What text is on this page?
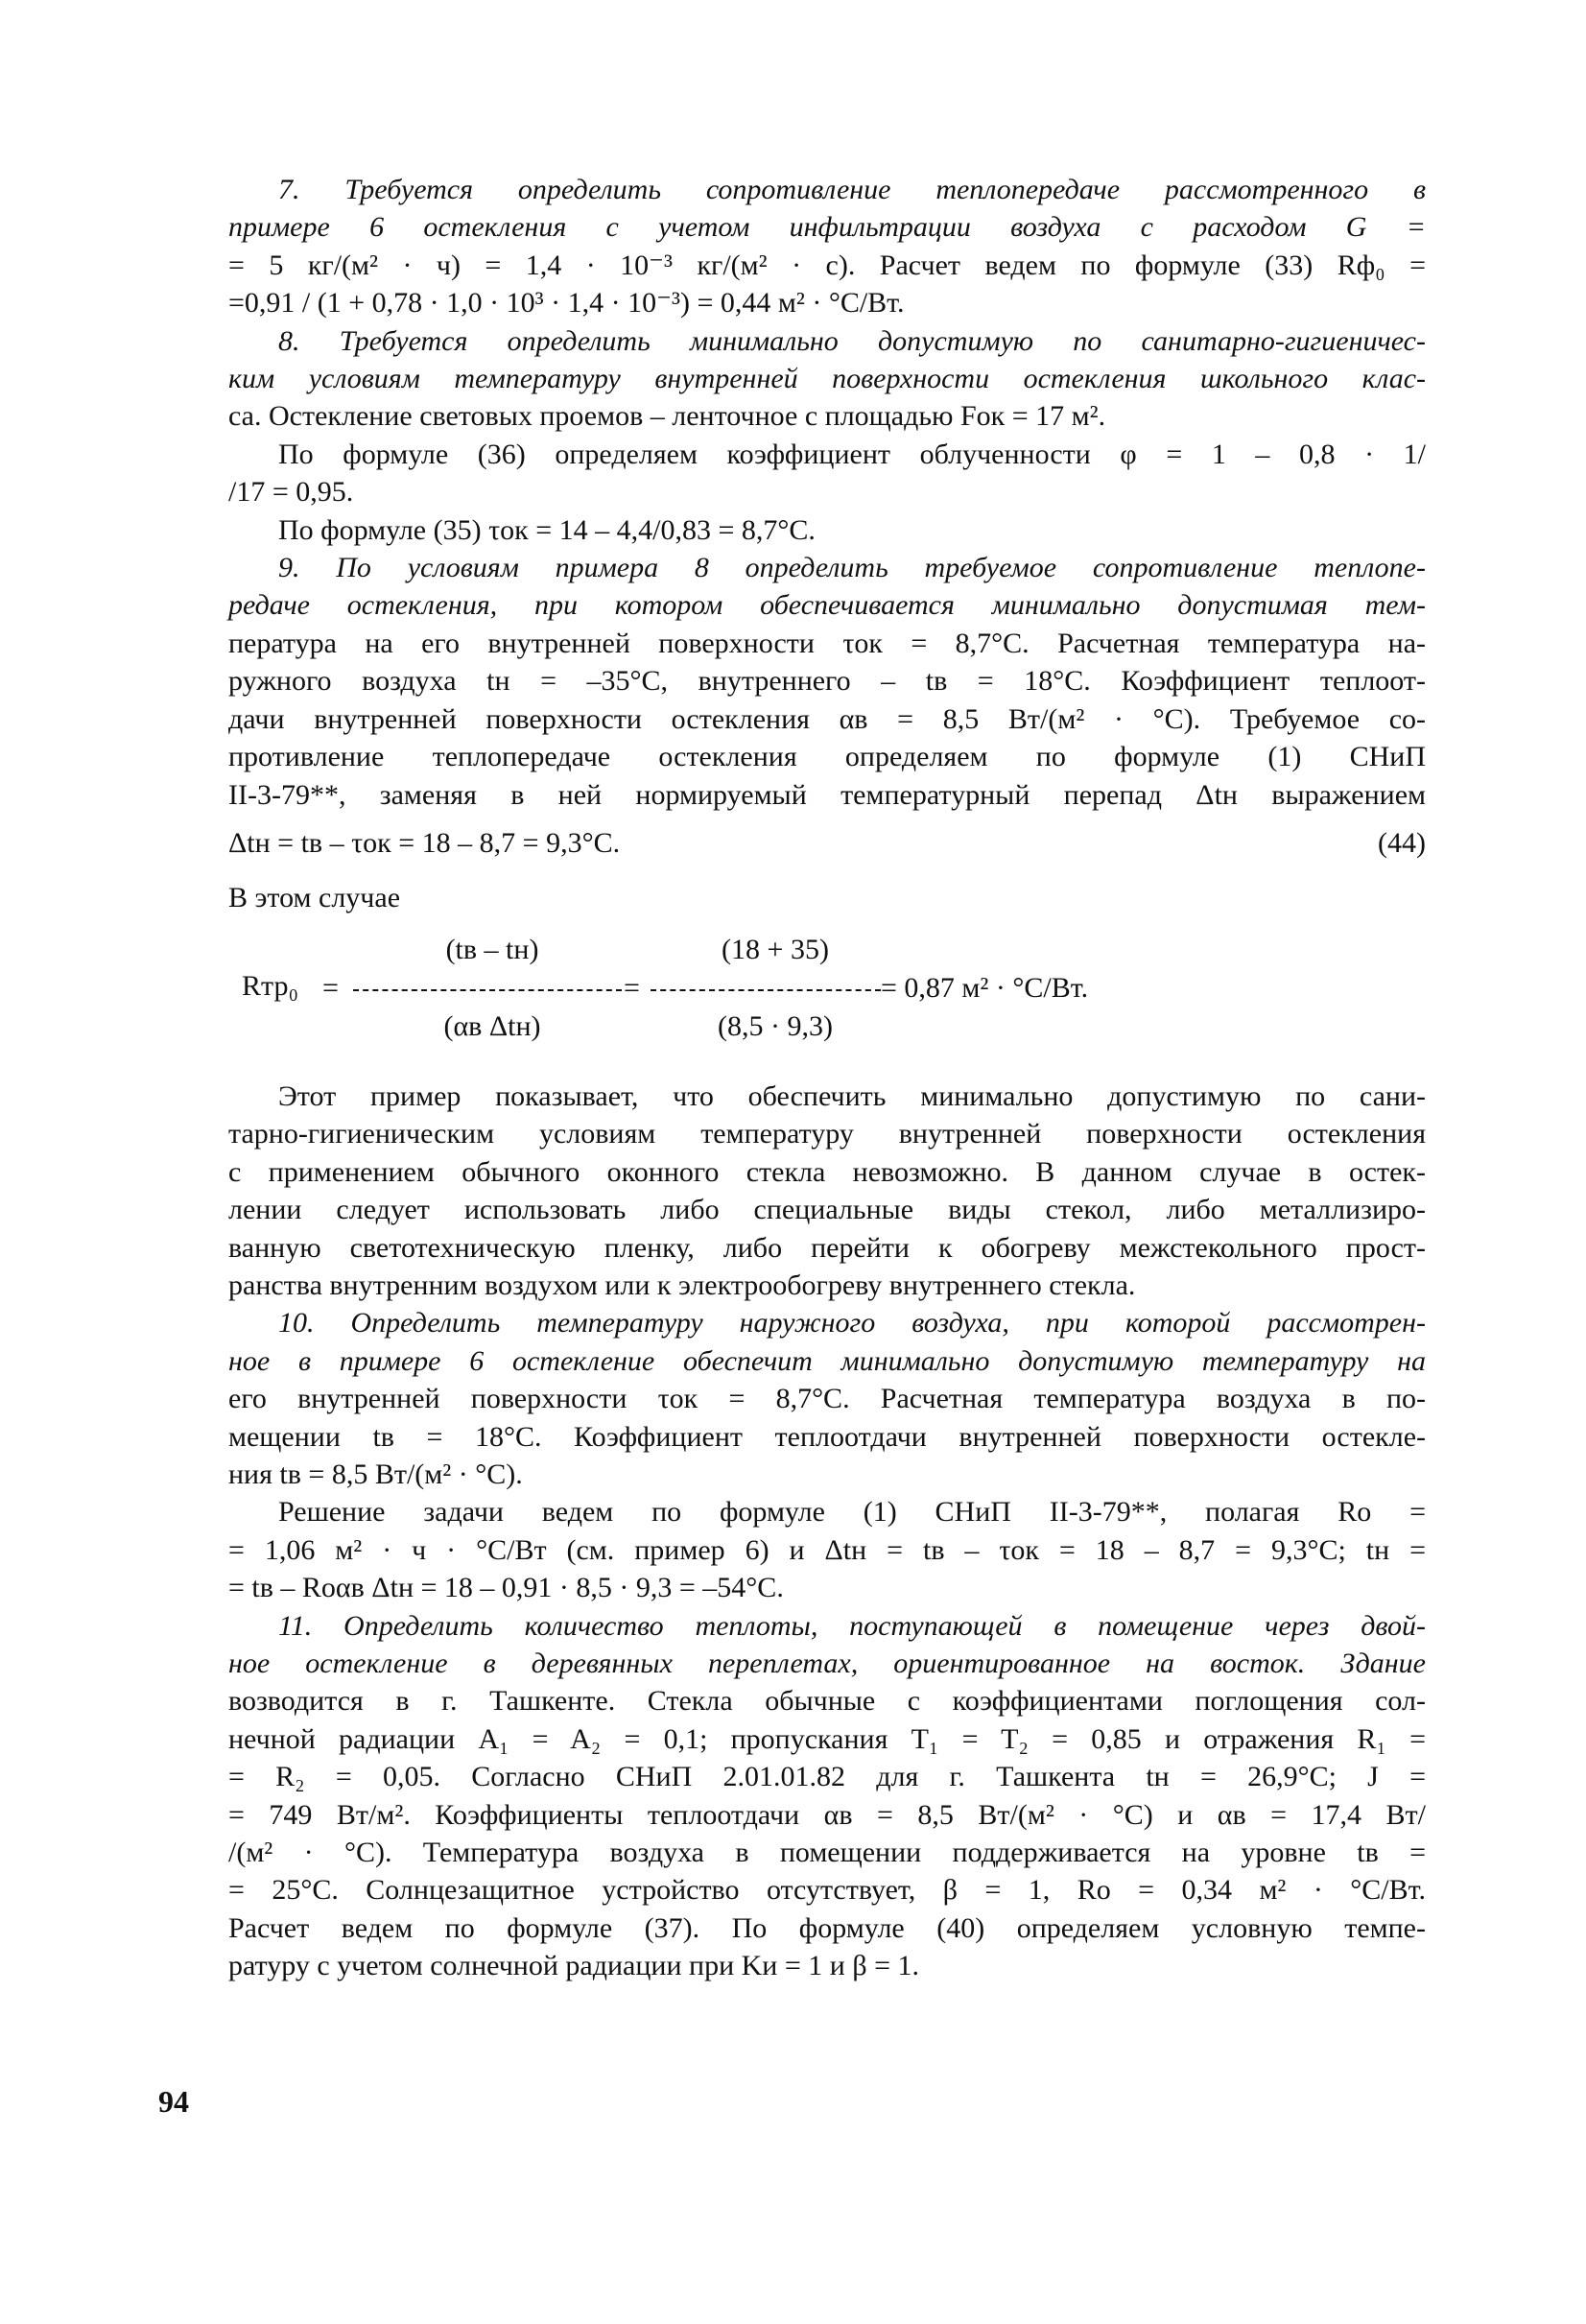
7. Требуется определить сопротивление теплопередаче рассмотренного в
примере 6 остекления с учетом инфильтрации воздуха с расходом G =
= 5 кг/(м² · ч) = 1,4 · 10⁻³ кг/(м² · с). Расчет ведем по формуле (33) Rф₀ =
=0,91 / (1 + 0,78 · 1,0 · 10³ · 1,4 · 10⁻³) = 0,44 м² · °С/Вт.
8. Требуется определить минимально допустимую по санитарно-гигиеничес-
ким условиям температуру внутренней поверхности остекления школьного клас-
са. Остекление световых проемов – ленточное с площадью Fок = 17 м².
По формуле (36) определяем коэффициент облученности φ = 1 – 0,8 · 1/
/17 = 0,95.
По формуле (35) τок = 14 – 4,4/0,83 = 8,7°С.
9. По условиям примера 8 определить требуемое сопротивление теплопе-
редаче остекления, при котором обеспечивается минимально допустимая тем-
пература на его внутренней поверхности τок = 8,7°С. Расчетная температура на-
ружного воздуха tн = –35°С, внутреннего – tв = 18°С. Коэффициент теплоот-
дачи внутренней поверхности остекления αв = 8,5 Вт/(м² · °С). Требуемое со-
противление теплопередаче остекления определяем по формуле (1) СНиП
II-3-79**, заменяя в ней нормируемый температурный перепад Δtн выражением
Δtн = tв – τок = 18 – 8,7 = 9,3°С.	(44)
В этом случае
Rтр₀ =
(tв – tн)
(αв Δtн)
=
(18 + 35)
(8,5 · 9,3)
= 0,87 м² · °С/Вт.
Этот пример показывает, что обеспечить минимально допустимую по сани-
тарно-гигиеническим условиям температуру внутренней поверхности остекления
с применением обычного оконного стекла невозможно. В данном случае в остек-
лении следует использовать либо специальные виды стекол, либо металлизиро-
ванную светотехническую пленку, либо перейти к обогреву межстекольного прост-
ранства внутренним воздухом или к электрообогреву внутреннего стекла.
10. Определить температуру наружного воздуха, при которой рассмотрен-
ное в примере 6 остекление обеспечит минимально допустимую температуру на
его внутренней поверхности τок = 8,7°С. Расчетная температура воздуха в по-
мещении tв = 18°С. Коэффициент теплоотдачи внутренней поверхности остекле-
ния tв = 8,5 Вт/(м² · °С).
Решение задачи ведем по формуле (1) СНиП II-3-79**, полагая Rо =
= 1,06 м² · ч · °С/Вт (см. пример 6) и Δtн = tв – τок = 18 – 8,7 = 9,3°С; tн =
= tв – Rоαв Δtн = 18 – 0,91 · 8,5 · 9,3 = –54°С.
11. Определить количество теплоты, поступающей в помещение через двой-
ное остекление в деревянных переплетах, ориентированное на восток. Здание
возводится в г. Ташкенте. Стекла обычные с коэффициентами поглощения сол-
нечной радиации A₁ = A₂ = 0,1; пропускания T₁ = T₂ = 0,85 и отражения R₁ =
= R₂ = 0,05. Согласно СНиП 2.01.01.82 для г. Ташкента tн = 26,9°С; J =
= 749 Вт/м². Коэффициенты теплоотдачи αв = 8,5 Вт/(м² · °С) и αв = 17,4 Вт/
/(м² · °С). Температура воздуха в помещении поддерживается на уровне tв =
= 25°С. Солнцезащитное устройство отсутствует, β = 1, Rо = 0,34 м² · °С/Вт.
Расчет ведем по формуле (37). По формуле (40) определяем условную темпе-
ратуру с учетом солнечной радиации при Kи = 1 и β = 1.
94
